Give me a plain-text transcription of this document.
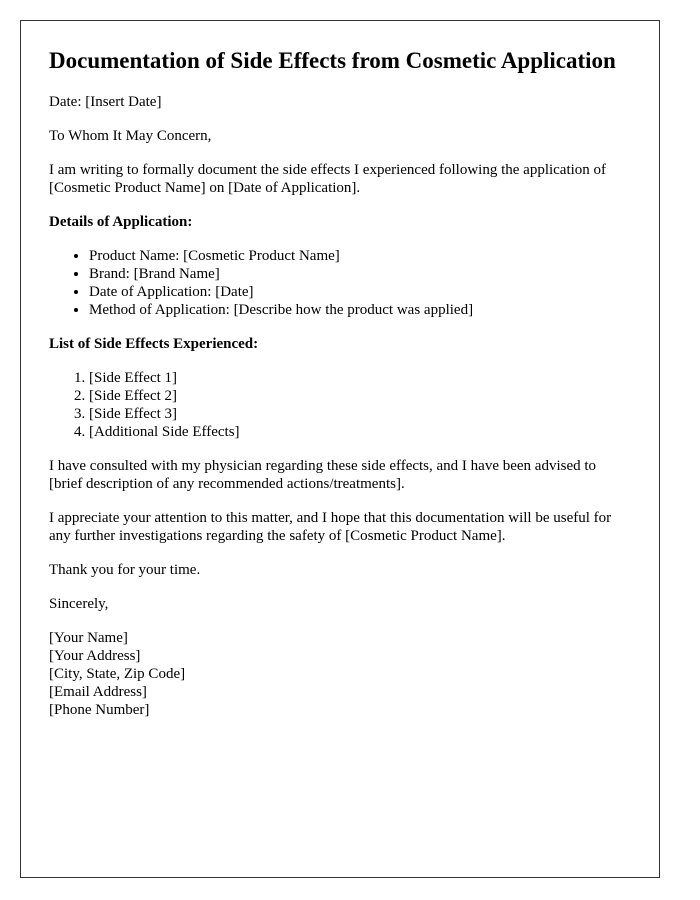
Documentation of Side Effects from Cosmetic Application

Date: [Insert Date]

To Whom It May Concern,

I am writing to formally document the side effects I experienced following the application of [Cosmetic Product Name] on [Date of Application].

Details of Application:

• Product Name: [Cosmetic Product Name]
• Brand: [Brand Name]
• Date of Application: [Date]
• Method of Application: [Describe how the product was applied]

List of Side Effects Experienced:

1. [Side Effect 1]
2. [Side Effect 2]
3. [Side Effect 3]
4. [Additional Side Effects]

I have consulted with my physician regarding these side effects, and I have been advised to [brief description of any recommended actions/treatments].

I appreciate your attention to this matter, and I hope that this documentation will be useful for any further investigations regarding the safety of [Cosmetic Product Name].

Thank you for your time.

Sincerely,

[Your Name]

[Your Address]

[City, State, Zip Code]

[Email Address]

[Phone Number]
